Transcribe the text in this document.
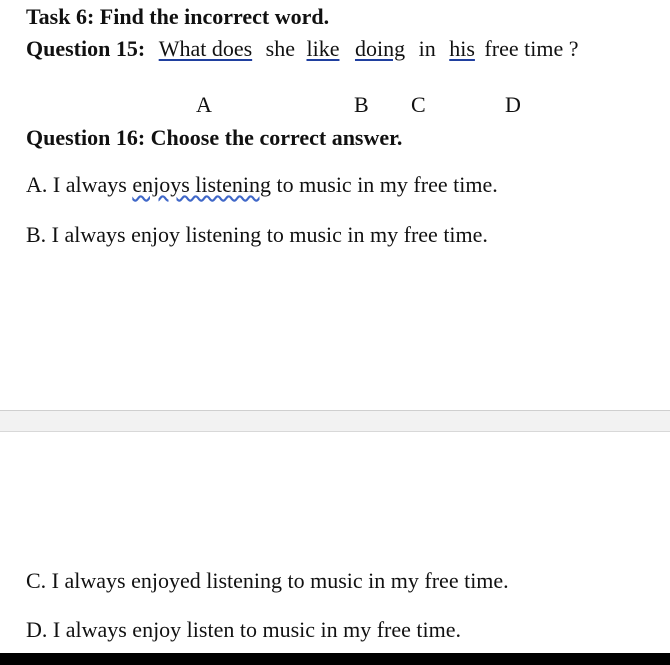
Task 6: Find the incorrect word.
Question 15: What does she like doing in his free time ?
A	B C	D
Question 16: Choose the correct answer.
A. I always enjoys listening to music in my free time.
B. I always enjoy listening to music in my free time.
C. I always enjoyed listening to music in my free time.
D. I always enjoy listen to music in my free time.
